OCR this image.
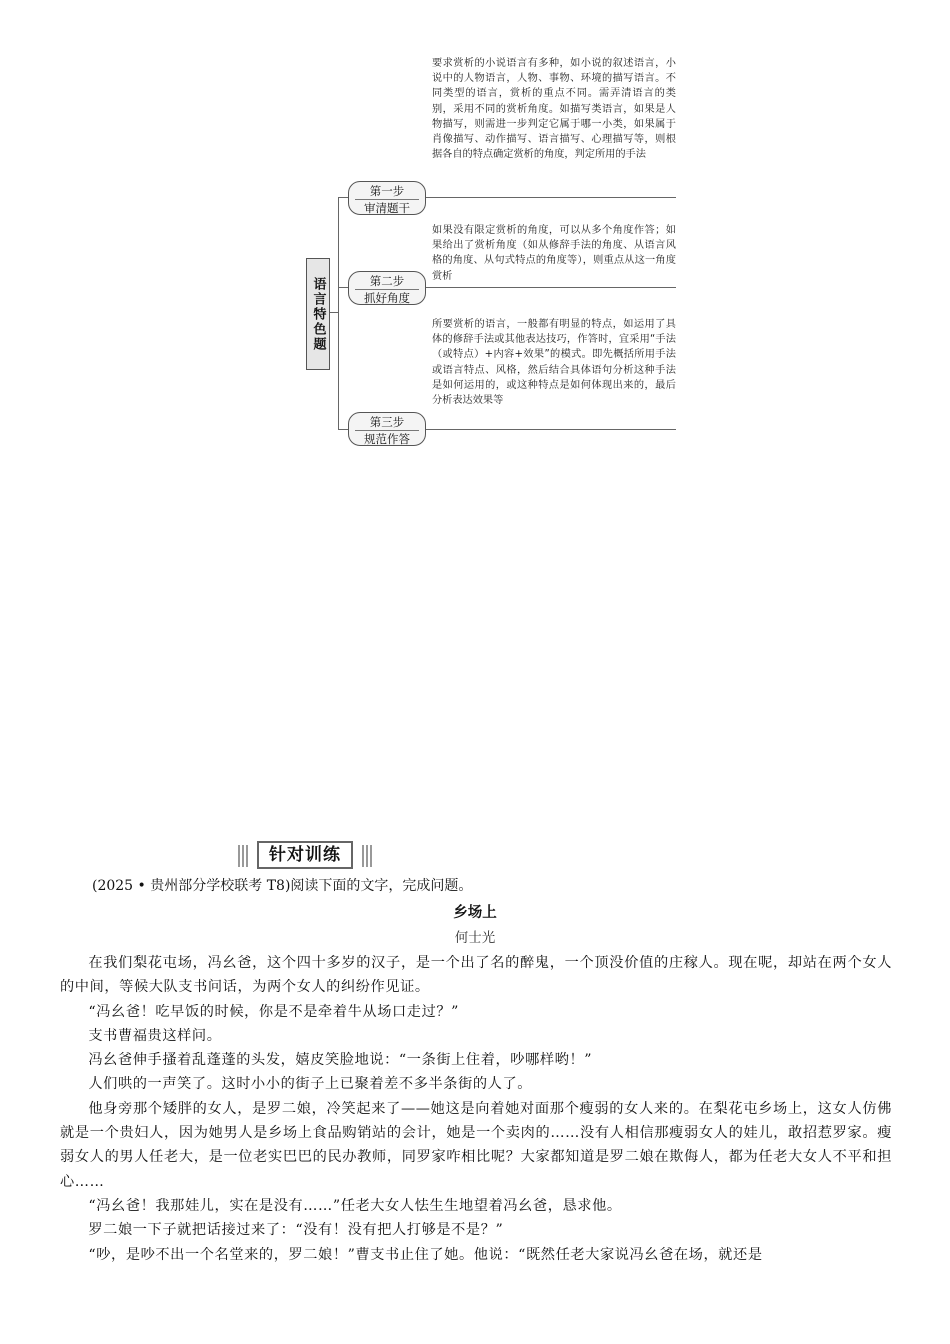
语言特色题
第一步
审清题干
第二步
抓好角度
第三步
规范作答
要求赏析的小说语言有多种，如小说的叙述语言，小说中的人物语言，人物、事物、环境的描写语言。不同类型的语言，赏析的重点不同。需弄清语言的类别，采用不同的赏析角度。如描写类语言，如果是人物描写，则需进一步判定它属于哪一小类，如果属于肖像描写、动作描写、语言描写、心理描写等，则根据各自的特点确定赏析的角度，判定所用的手法
如果没有限定赏析的角度，可以从多个角度作答；如果给出了赏析角度（如从修辞手法的角度、从语言风格的角度、从句式特点的角度等），则重点从这一角度赏析
所要赏析的语言，一般都有明显的特点，如运用了具体的修辞手法或其他表达技巧，作答时，宜采用“手法（或特点）+内容+效果”的模式。即先概括所用手法或语言特点、风格，然后结合具体语句分析这种手法是如何运用的，或这种特点是如何体现出来的，最后分析表达效果等
针对训练
(2025 • 贵州部分学校联考 T8)阅读下面的文字，完成问题。
乡场上
何士光

在我们梨花屯场，冯幺爸，这个四十多岁的汉子，是一个出了名的醉鬼，一个顶没价值的庄稼人。现在呢，却站在两个女人的中间，等候大队支书问话，为两个女人的纠纷作见证。

“冯幺爸！吃早饭的时候，你是不是牵着牛从场口走过？”

支书曹福贵这样问。

冯幺爸伸手搔着乱蓬蓬的头发，嬉皮笑脸地说：“一条街上住着，吵哪样哟！”

人们哄的一声笑了。这时小小的街子上已聚着差不多半条街的人了。

他身旁那个矮胖的女人，是罗二娘，冷笑起来了——她这是向着她对面那个瘦弱的女人来的。在梨花屯乡场上，这女人仿佛就是一个贵妇人，因为她男人是乡场上食品购销站的会计，她是一个卖肉的……没有人相信那瘦弱女人的娃儿，敢招惹罗家。瘦弱女人的男人任老大，是一位老实巴巴的民办教师，同罗家咋相比呢？大家都知道是罗二娘在欺侮人，都为任老大女人不平和担心……

“冯幺爸！我那娃儿，实在是没有……”任老大女人怯生生地望着冯幺爸，恳求他。

罗二娘一下子就把话接过来了：“没有！没有把人打够是不是？”

“吵，是吵不出一个名堂来的，罗二娘！”曹支书止住了她。他说：“既然任老大家说冯幺爸在场，就还是
